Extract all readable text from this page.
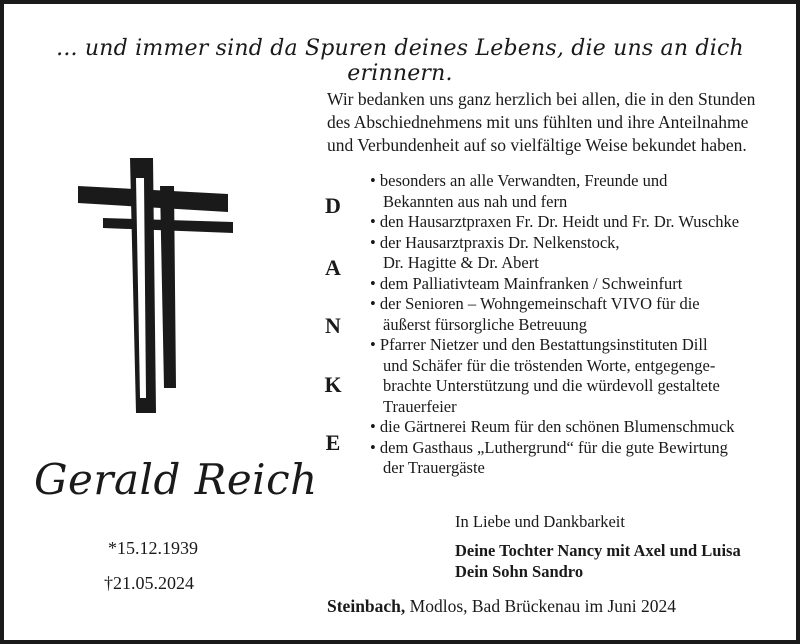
... und immer sind da Spuren deines Lebens, die uns an dich erinnern.
Wir bedanken uns ganz herzlich bei allen, die in den Stunden
des Abschiednehmens mit uns fühlten und ihre Anteilnahme
und Verbundenheit auf so vielfältige Weise bekundet haben.
D
A
N
K
E
• besonders an alle Verwandten, Freunde und
Bekannten aus nah und fern
• den Hausarztpraxen Fr. Dr. Heidt und Fr. Dr. Wuschke
• der Hausarztpraxis Dr. Nelkenstock,
Dr. Hagitte & Dr. Abert
• dem Palliativteam Mainfranken / Schweinfurt
• der Senioren – Wohngemeinschaft VIVO für die
äußerst fürsorgliche Betreuung
• Pfarrer Nietzer und den Bestattungsinstituten Dill
und Schäfer für die tröstenden Worte, entgegenge-
brachte Unterstützung und die würdevoll gestaltete
Trauerfeier
• die Gärtnerei Reum für den schönen Blumenschmuck
• dem Gasthaus „Luthergrund“ für die gute Bewirtung
der Trauergäste
Gerald Reich
*15.12.1939
†21.05.2024
In Liebe und Dankbarkeit
Deine Tochter Nancy mit Axel und Luisa
Dein Sohn Sandro
Steinbach, Modlos, Bad Brückenau im Juni 2024
